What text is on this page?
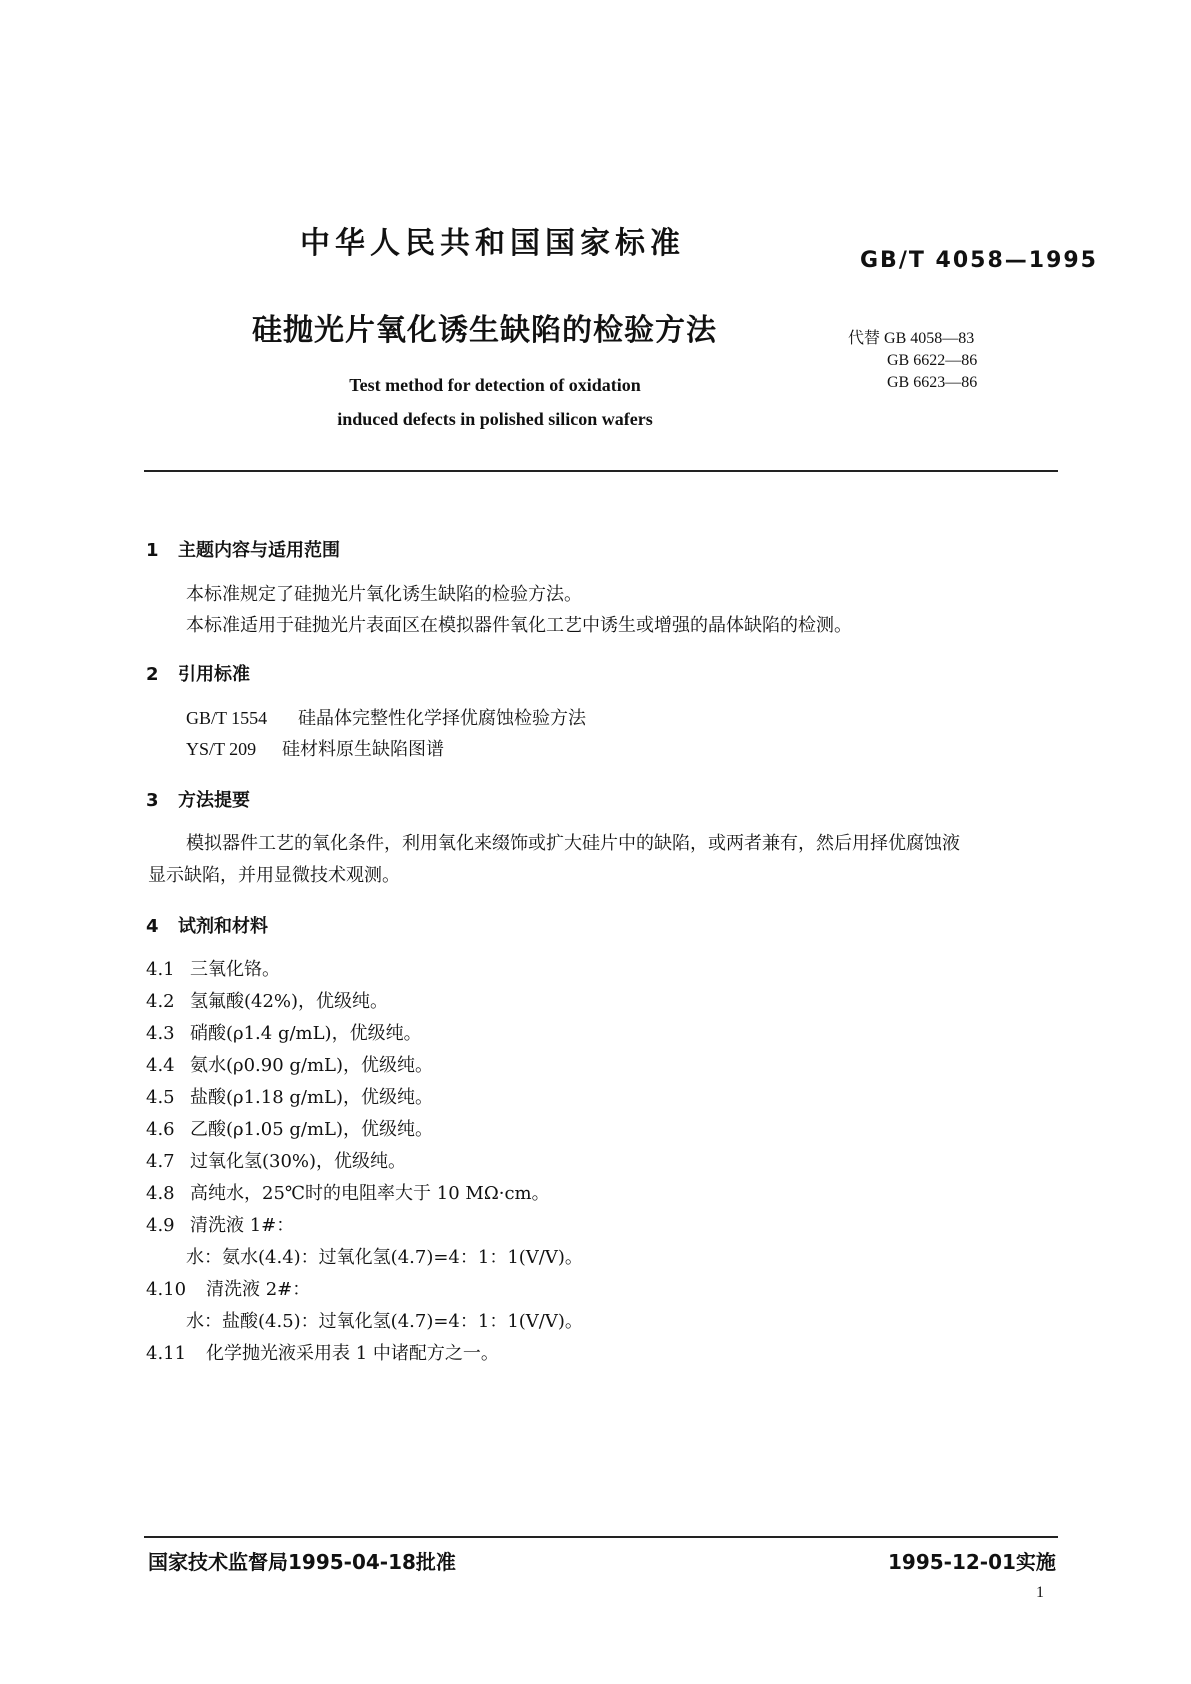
中华人民共和国国家标准	GB/T 4058—1995
硅抛光片氧化诱生缺陷的检验方法	代替 GB 4058—83
GB 6622—86
GB 6623—86
Test method for detection of oxidation
induced defects in polished silicon wafers
1 主题内容与适用范围
本标准规定了硅抛光片氧化诱生缺陷的检验方法。
本标准适用于硅抛光片表面区在模拟器件氧化工艺中诱生或增强的晶体缺陷的检测。
2 引用标准
GB/T 1554 硅晶体完整性化学择优腐蚀检验方法
YS/T 209 硅材料原生缺陷图谱
3 方法提要
模拟器件工艺的氧化条件，利用氧化来缀饰或扩大硅片中的缺陷，或两者兼有，然后用择优腐蚀液
显示缺陷，并用显微技术观测。
4 试剂和材料
4.1 三氧化铬。
4.2 氢氟酸(42%)，优级纯。
4.3 硝酸(ρ1.4 g/mL)，优级纯。
4.4 氨水(ρ0.90 g/mL)，优级纯。
4.5 盐酸(ρ1.18 g/mL)，优级纯。
4.6 乙酸(ρ1.05 g/mL)，优级纯。
4.7 过氧化氢(30%)，优级纯。
4.8 高纯水，25℃时的电阻率大于 10 MΩ·cm。
4.9 清洗液 1#：
水：氨水(4.4)：过氧化氢(4.7)=4：1：1(V/V)。
4.10 清洗液 2#：
水：盐酸(4.5)：过氧化氢(4.7)=4：1：1(V/V)。
4.11 化学抛光液采用表 1 中诸配方之一。
国家技术监督局1995-04-18批准	1995-12-01实施
1
